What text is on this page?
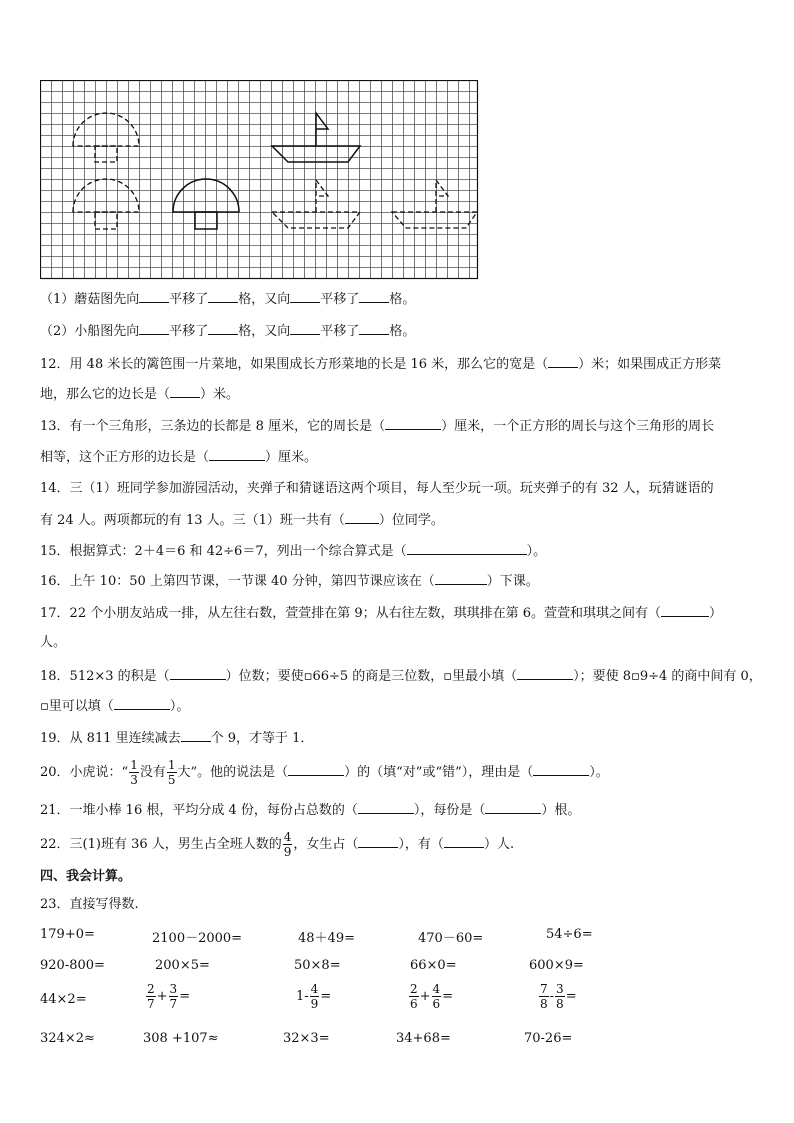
（1）蘑菇图先向 平移了 格，又向 平移了 格。
（2）小船图先向 平移了 格，又向 平移了 格。
12．用 48 米长的篱笆围一片菜地，如果围成长方形菜地的长是 16 米，那么它的宽是（ ）米；如果围成正方形菜
地，那么它的边长是（ ）米。
13．有一个三角形，三条边的长都是 8 厘米，它的周长是（	）厘米，一个正方形的周长与这个三角形的周长
相等，这个正方形的边长是（	）厘米。
14．三（1）班同学参加游园活动，夹弹子和猜谜语这两个项目，每人至少玩一项。玩夹弹子的有 32 人，玩猜谜语的
有 24 人。两项都玩的有 13 人。三（1）班一共有（	）位同学。
15．根据算式：2＋4＝6 和 42÷6＝7，列出一个综合算式是（	）。
16．上午 10：50 上第四节课，一节课 40 分钟，第四节课应该在（	）下课。
17．22 个小朋友站成一排，从左往右数，萱萱排在第 9；从右往左数，琪琪排在第 6。萱萱和琪琪之间有（	）
人。
18．512×3 的积是（	）位数；要使▫66÷5 的商是三位数，▫里最小填（	）；要使 8▫9÷4 的商中间有 0，
▫里可以填（	）。
19．从 811 里连续减去 个 9，才等于 1．
20．小虎说：“ $\frac{1}{3}$ 没有 $\frac{1}{5}$ 大”。他的说法是（	）的（填“对”或“错”），理由是（	）。
21．一堆小棒 16 根，平均分成 4 份，每份占总数的（	），每份是（	）根。
22．三(1)班有 36 人，男生占全班人数的 $\frac{4}{9}$ ，女生占（	），有（	）人.
四、我会计算。
23．直接写得数.
179+0=	2100－2000=	48＋49=	470－60=	54÷6=
920-800=	200×5=	50×8=	66×0=	600×9=
44×2=	$\frac{2}{7} + \frac{3}{7}$ =	$1- \frac{4}{9}$ =	$\frac{2}{6} + \frac{4}{6}$ =	$\frac{7}{8} - \frac{3}{8}$ =
324×2≈	308 +107≈	32×3=	34+68=	70-26=
